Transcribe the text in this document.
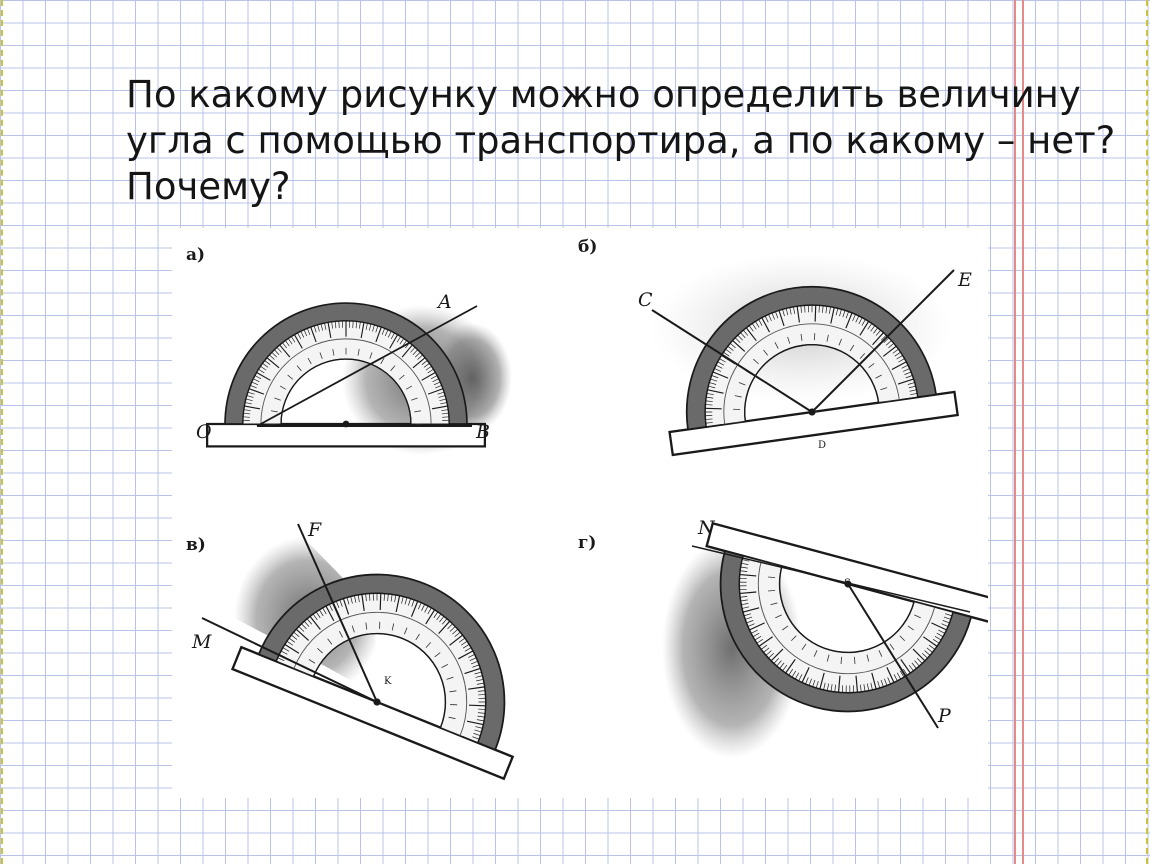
По какому рисунку можно определить величину
угла с помощью транспортира, а по какому – нет?
Почему?
а)
A
O	B
б)
C
E
D
в)
F
M
K
г)
N
S
P
